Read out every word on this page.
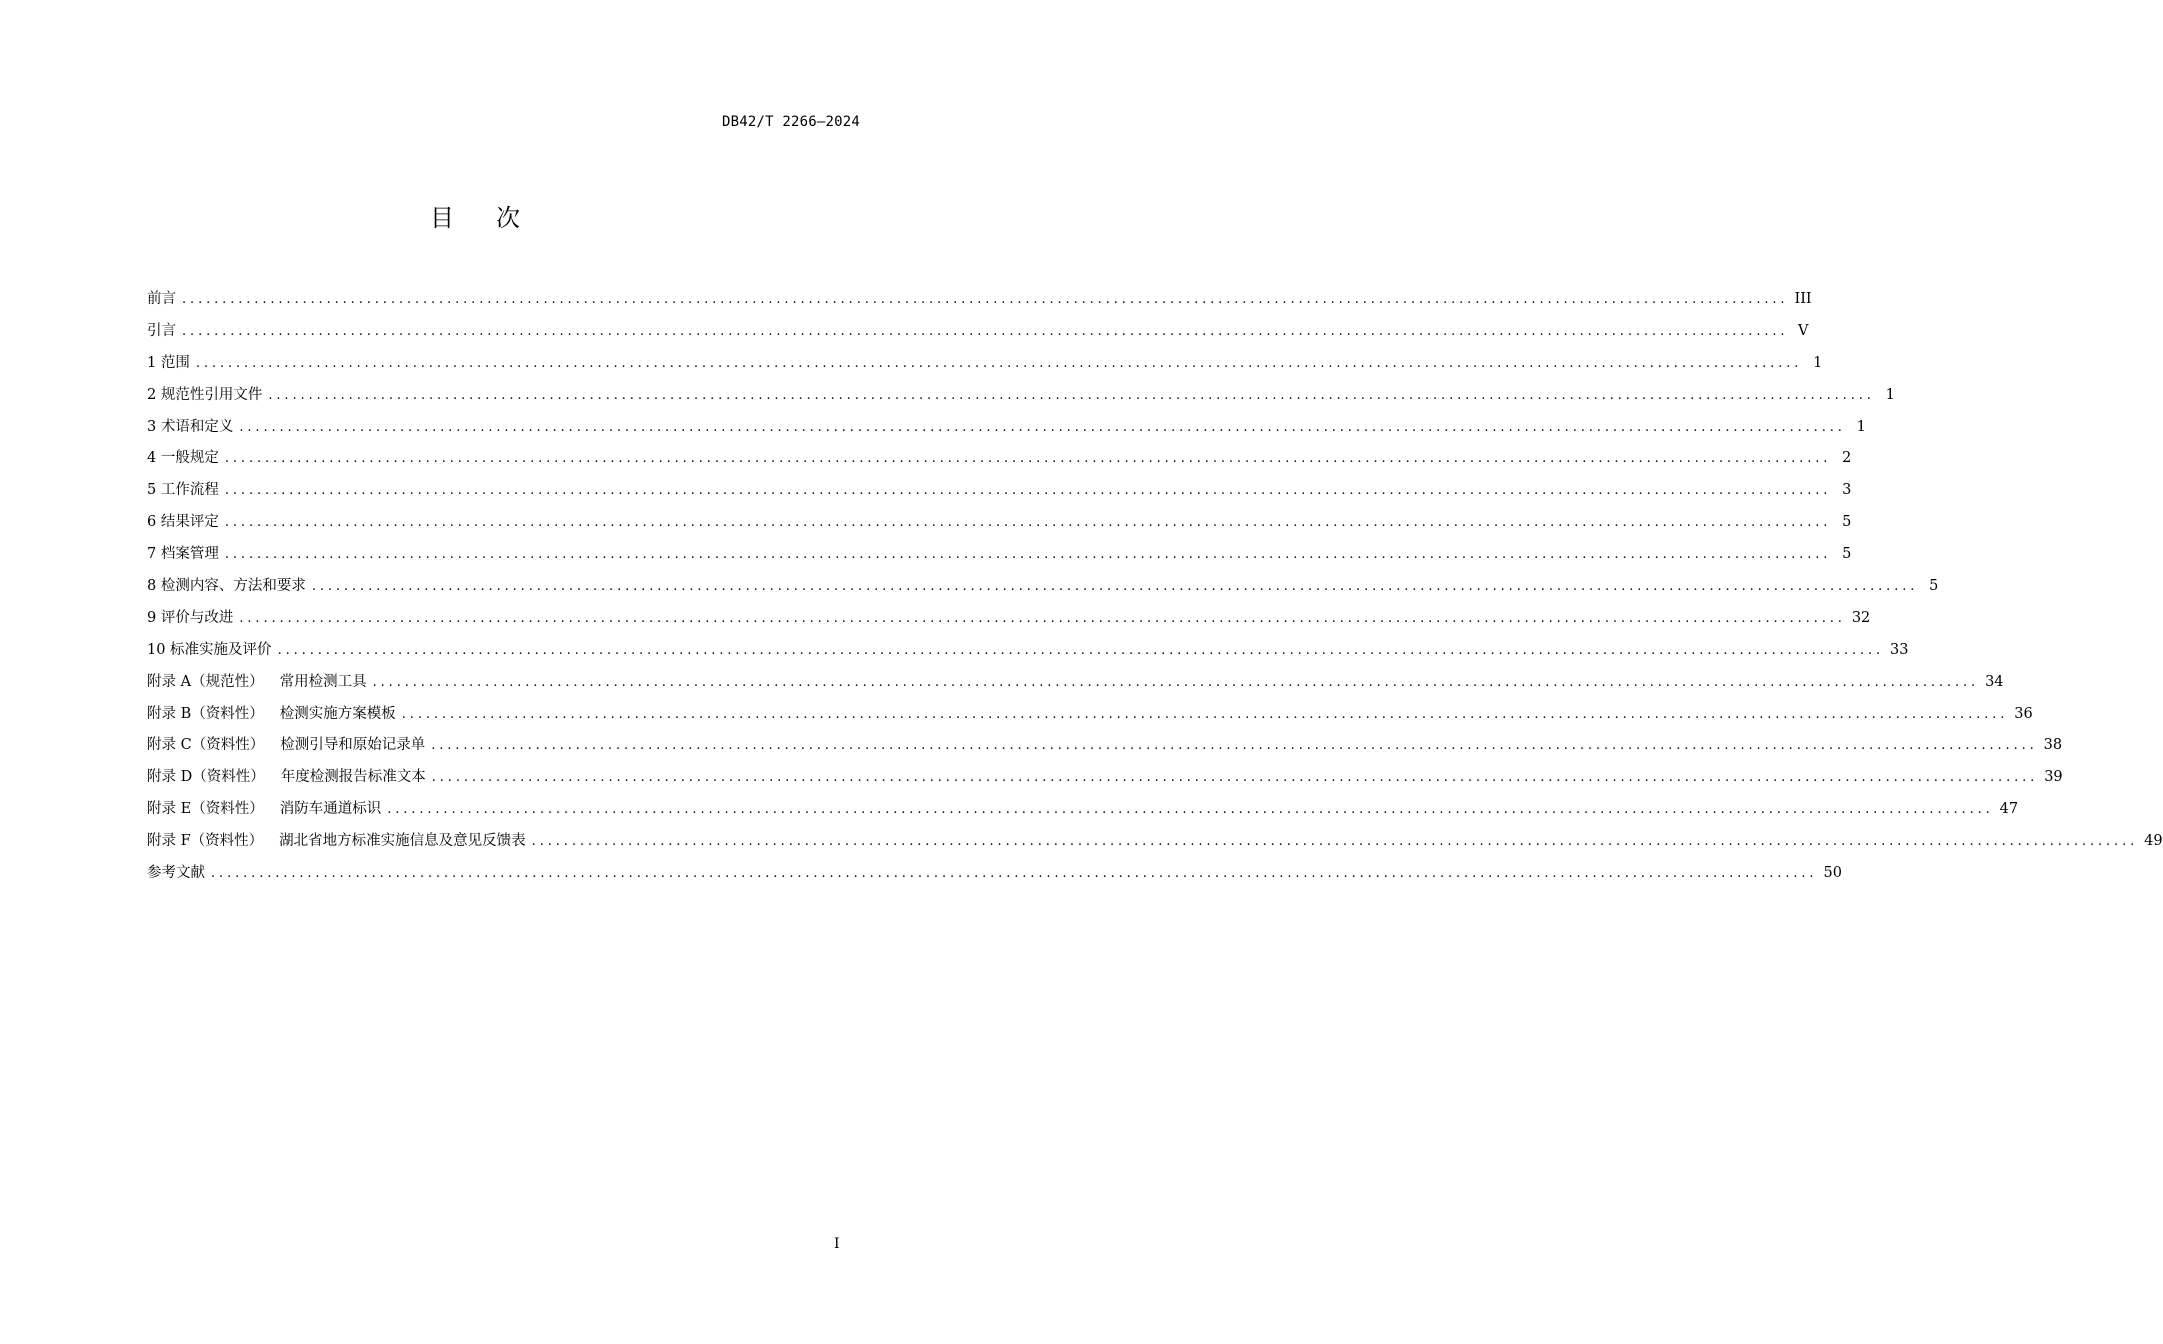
DB42/T 2266—2024
目次
前言 ........................................................................................................................................................................................................ III
引言 ........................................................................................................................................................................................................ V
1 范围 ........................................................................................................................................................................................................ 1
2 规范性引用文件 ........................................................................................................................................................................................................ 1
3 术语和定义 ........................................................................................................................................................................................................ 1
4 一般规定 ........................................................................................................................................................................................................ 2
5 工作流程 ........................................................................................................................................................................................................ 3
6 结果评定 ........................................................................................................................................................................................................ 5
7 档案管理 ........................................................................................................................................................................................................ 5
8 检测内容、方法和要求 ........................................................................................................................................................................................................ 5
9 评价与改进 ........................................................................................................................................................................................................ 32
10 标准实施及评价 ........................................................................................................................................................................................................ 33
附录 A（规范性） 常用检测工具 ........................................................................................................................................................................................................ 34
附录 B（资料性） 检测实施方案模板 ........................................................................................................................................................................................................ 36
附录 C（资料性） 检测引导和原始记录单 ........................................................................................................................................................................................................ 38
附录 D（资料性） 年度检测报告标准文本 ........................................................................................................................................................................................................ 39
附录 E（资料性） 消防车通道标识 ........................................................................................................................................................................................................ 47
附录 F（资料性） 湖北省地方标准实施信息及意见反馈表 ........................................................................................................................................................................................................ 49
参考文献 ........................................................................................................................................................................................................ 50
I
